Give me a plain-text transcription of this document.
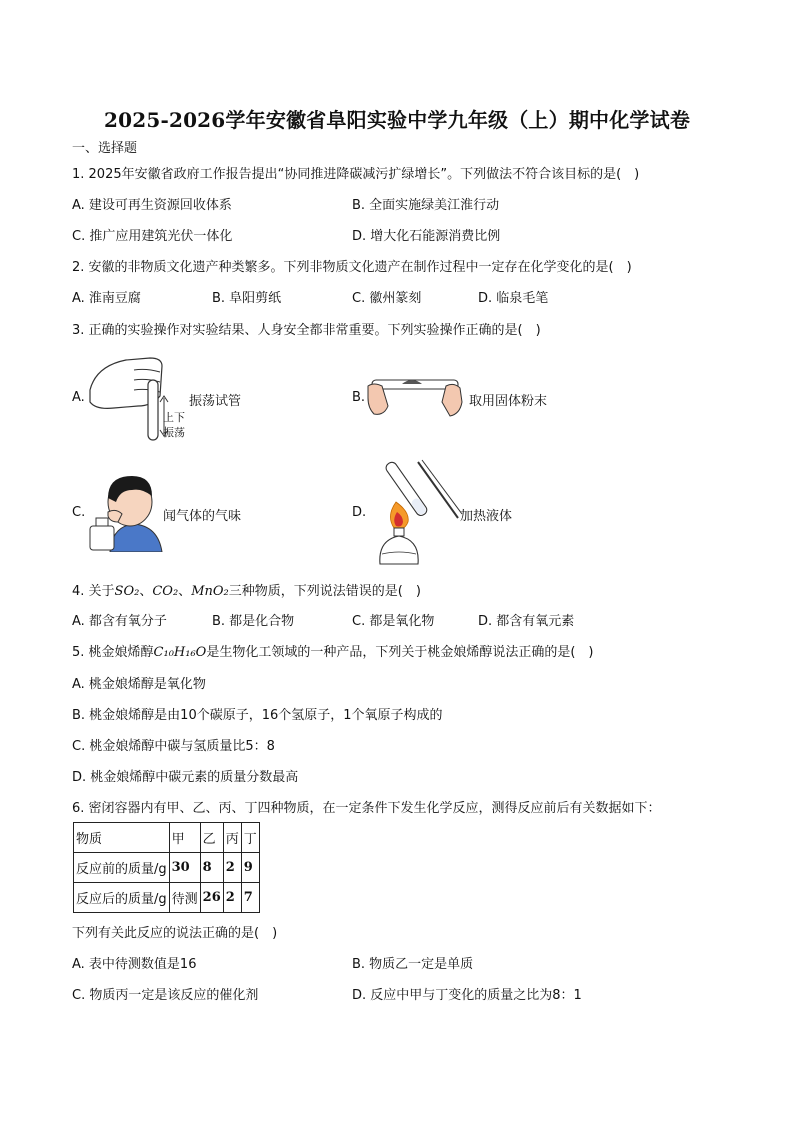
2025-2026学年安徽省阜阳实验中学九年级（上）期中化学试卷
一、选择题
1. 2025年安徽省政府工作报告提出“协同推进降碳减污扩绿增长”。下列做法不符合该目标的是(　)
A. 建设可再生资源回收体系	B. 全面实施绿美江淮行动
C. 推广应用建筑光伏一体化	D. 增大化石能源消费比例
2. 安徽的非物质文化遗产种类繁多。下列非物质文化遗产在制作过程中一定存在化学变化的是(　)
A. 淮南豆腐	B. 阜阳剪纸	C. 徽州篆刻	D. 临泉毛笔
3. 正确的实验操作对实验结果、人身安全都非常重要。下列实验操作正确的是(　)
A.
上下
振荡
振荡试管	B.	取用固体粉末
C.	闻气体的气味	D.	加热液体
4. 关于SO₂、CO₂、MnO₂三种物质，下列说法错误的是(　)
A. 都含有氧分子	B. 都是化合物	C. 都是氧化物	D. 都含有氧元素
5. 桃金娘烯醇C₁₀H₁₆O是生物化工领域的一种产品，下列关于桃金娘烯醇说法正确的是(　)
A. 桃金娘烯醇是氧化物
B. 桃金娘烯醇是由10个碳原子，16个氢原子，1个氧原子构成的
C. 桃金娘烯醇中碳与氢质量比5：8
D. 桃金娘烯醇中碳元素的质量分数最高
6. 密闭容器内有甲、乙、丙、丁四种物质，在一定条件下发生化学反应，测得反应前后有关数据如下：
物质	甲	乙	丙	丁
反应前的质量/g	30	8	2	9
反应后的质量/g	待测	26	2	7
下列有关此反应的说法正确的是(　)
A. 表中待测数值是16	B. 物质乙一定是单质
C. 物质丙一定是该反应的催化剂	D. 反应中甲与丁变化的质量之比为8：1
